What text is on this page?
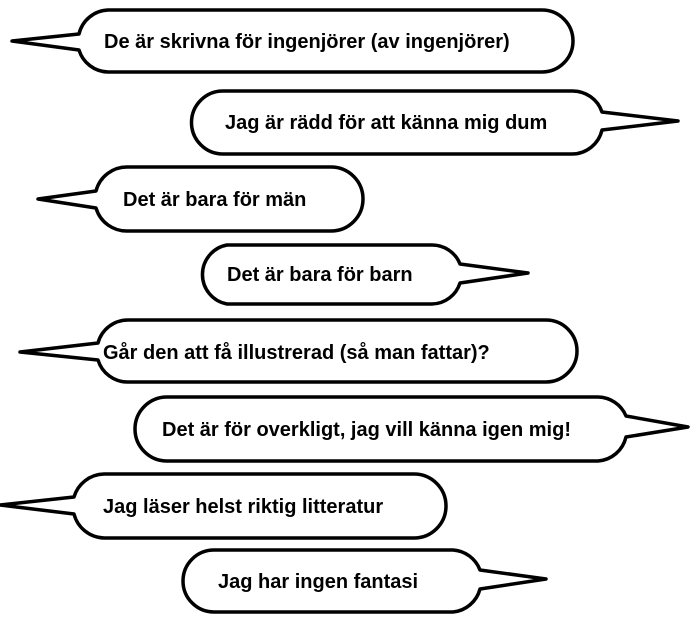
De är skrivna för ingenjörer (av ingenjörer)
Jag är rädd för att känna mig dum
Det är bara för män
Det är bara för barn
Går den att få illustrerad (så man fattar)?
Det är för overkligt, jag vill känna igen mig!
Jag läser helst riktig litteratur
Jag har ingen fantasi
